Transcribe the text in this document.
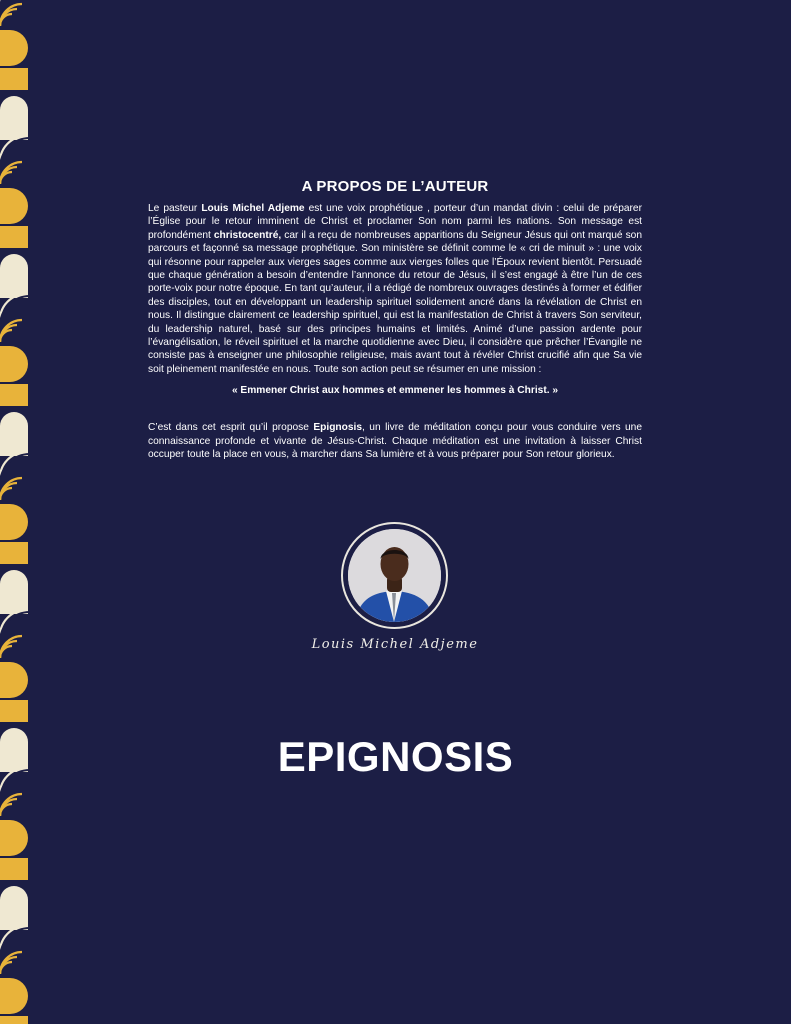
A PROPOS DE L’AUTEUR

Le pasteur Louis Michel Adjeme est une voix prophétique , porteur d’un mandat divin : celui de préparer l’Église pour le retour imminent de Christ et proclamer Son nom parmi les nations. Son message est profondément christocentré, car il a reçu de nombreuses apparitions du Seigneur Jésus qui ont marqué son parcours et façonné sa message prophétique. Son ministère se définit comme le « cri de minuit » : une voix qui résonne pour rappeler aux vierges sages comme aux vierges folles que l’Époux revient bientôt. Persuadé que chaque génération a besoin d’entendre l’annonce du retour de Jésus, il s’est engagé à être l’un de ces porte-voix pour notre époque. En tant qu’auteur, il a rédigé de nombreux ouvrages destinés à former et édifier des disciples, tout en développant un leadership spirituel solidement ancré dans la révélation de Christ en nous. Il distingue clairement ce leadership spirituel, qui est la manifestation de Christ à travers Son serviteur, du leadership naturel, basé sur des principes humains et limités. Animé d’une passion ardente pour l’évangélisation, le réveil spirituel et la marche quotidienne avec Dieu, il considère que prêcher l’Évangile ne consiste pas à enseigner une philosophie religieuse, mais avant tout à révéler Christ crucifié afin que Sa vie soit pleinement manifestée en nous. Toute son action peut se résumer en une mission :

« Emmener Christ aux hommes et emmener les hommes à Christ. »

C’est dans cet esprit qu’il propose Epignosis, un livre de méditation conçu pour vous conduire vers une connaissance profonde et vivante de Jésus-Christ. Chaque méditation est une invitation à laisser Christ occuper toute la place en vous, à marcher dans Sa lumière et à vous préparer pour Son retour glorieux.

Louis Michel Adjeme
EPIGNOSIS
